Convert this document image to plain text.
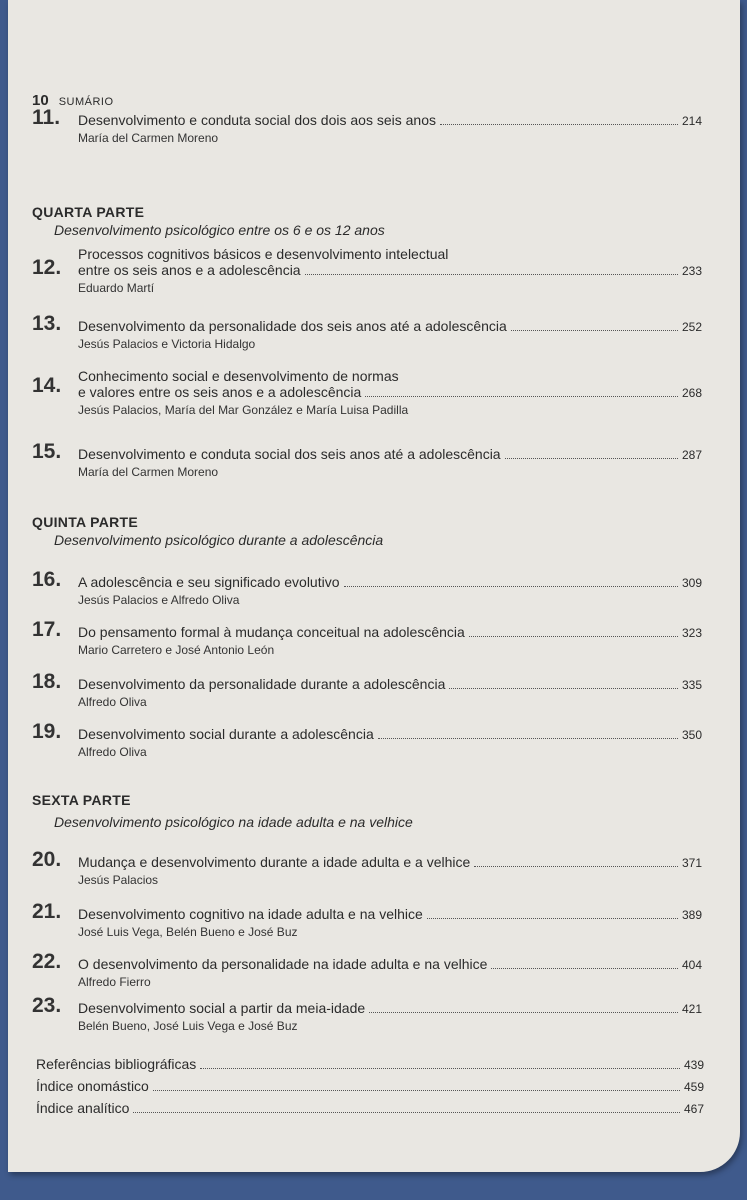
10 SUMÁRIO
11. Desenvolvimento e conduta social dos dois aos seis anos	214
María del Carmen Moreno
QUARTA PARTE
Desenvolvimento psicológico entre os 6 e os 12 anos
12.
Processos cognitivos básicos e desenvolvimento intelectual
entre os seis anos e a adolescência	233
Eduardo Martí
13. Desenvolvimento da personalidade dos seis anos até a adolescência	252
Jesús Palacios e Victoria Hidalgo
14. Conhecimento social e desenvolvimento de normas
e valores entre os seis anos e a adolescência	268
Jesús Palacios, María del Mar González e María Luisa Padilla
15. Desenvolvimento e conduta social dos seis anos até a adolescência	287
María del Carmen Moreno
QUINTA PARTE
Desenvolvimento psicológico durante a adolescência
16. A adolescência e seu significado evolutivo	309
Jesús Palacios e Alfredo Oliva
17. Do pensamento formal à mudança conceitual na adolescência	323
Mario Carretero e José Antonio León
18. Desenvolvimento da personalidade durante a adolescência	335
Alfredo Oliva
19. Desenvolvimento social durante a adolescência	350
Alfredo Oliva
SEXTA PARTE
Desenvolvimento psicológico na idade adulta e na velhice
20. Mudança e desenvolvimento durante a idade adulta e a velhice	371
Jesús Palacios
21. Desenvolvimento cognitivo na idade adulta e na velhice	389
José Luis Vega, Belén Bueno e José Buz
22. O desenvolvimento da personalidade na idade adulta e na velhice	404
Alfredo Fierro
23. Desenvolvimento social a partir da meia-idade	421
Belén Bueno, José Luis Vega e José Buz
Referências bibliográficas	439
Índice onomástico	459
Índice analítico	467
